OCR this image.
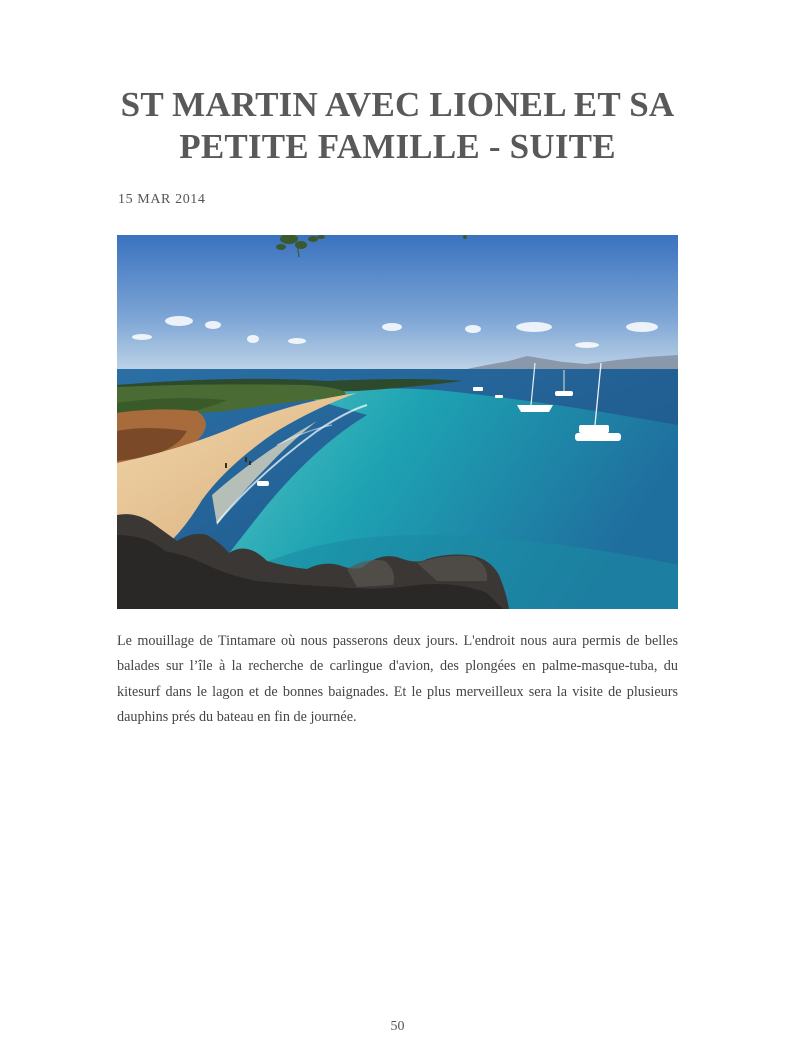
ST MARTIN AVEC LIONEL ET SA PETITE FAMILLE - SUITE
15 MAR 2014

Le mouillage de Tintamare où nous passerons deux jours. L'endroit nous aura permis de belles balades sur l’île à la recherche de carlingue d'avion, des plongées en palme-masque-tuba, du kitesurf dans le lagon et de bonnes baignades. Et le plus merveilleux sera la visite de plusieurs dauphins prés du bateau en fin de journée.

50
